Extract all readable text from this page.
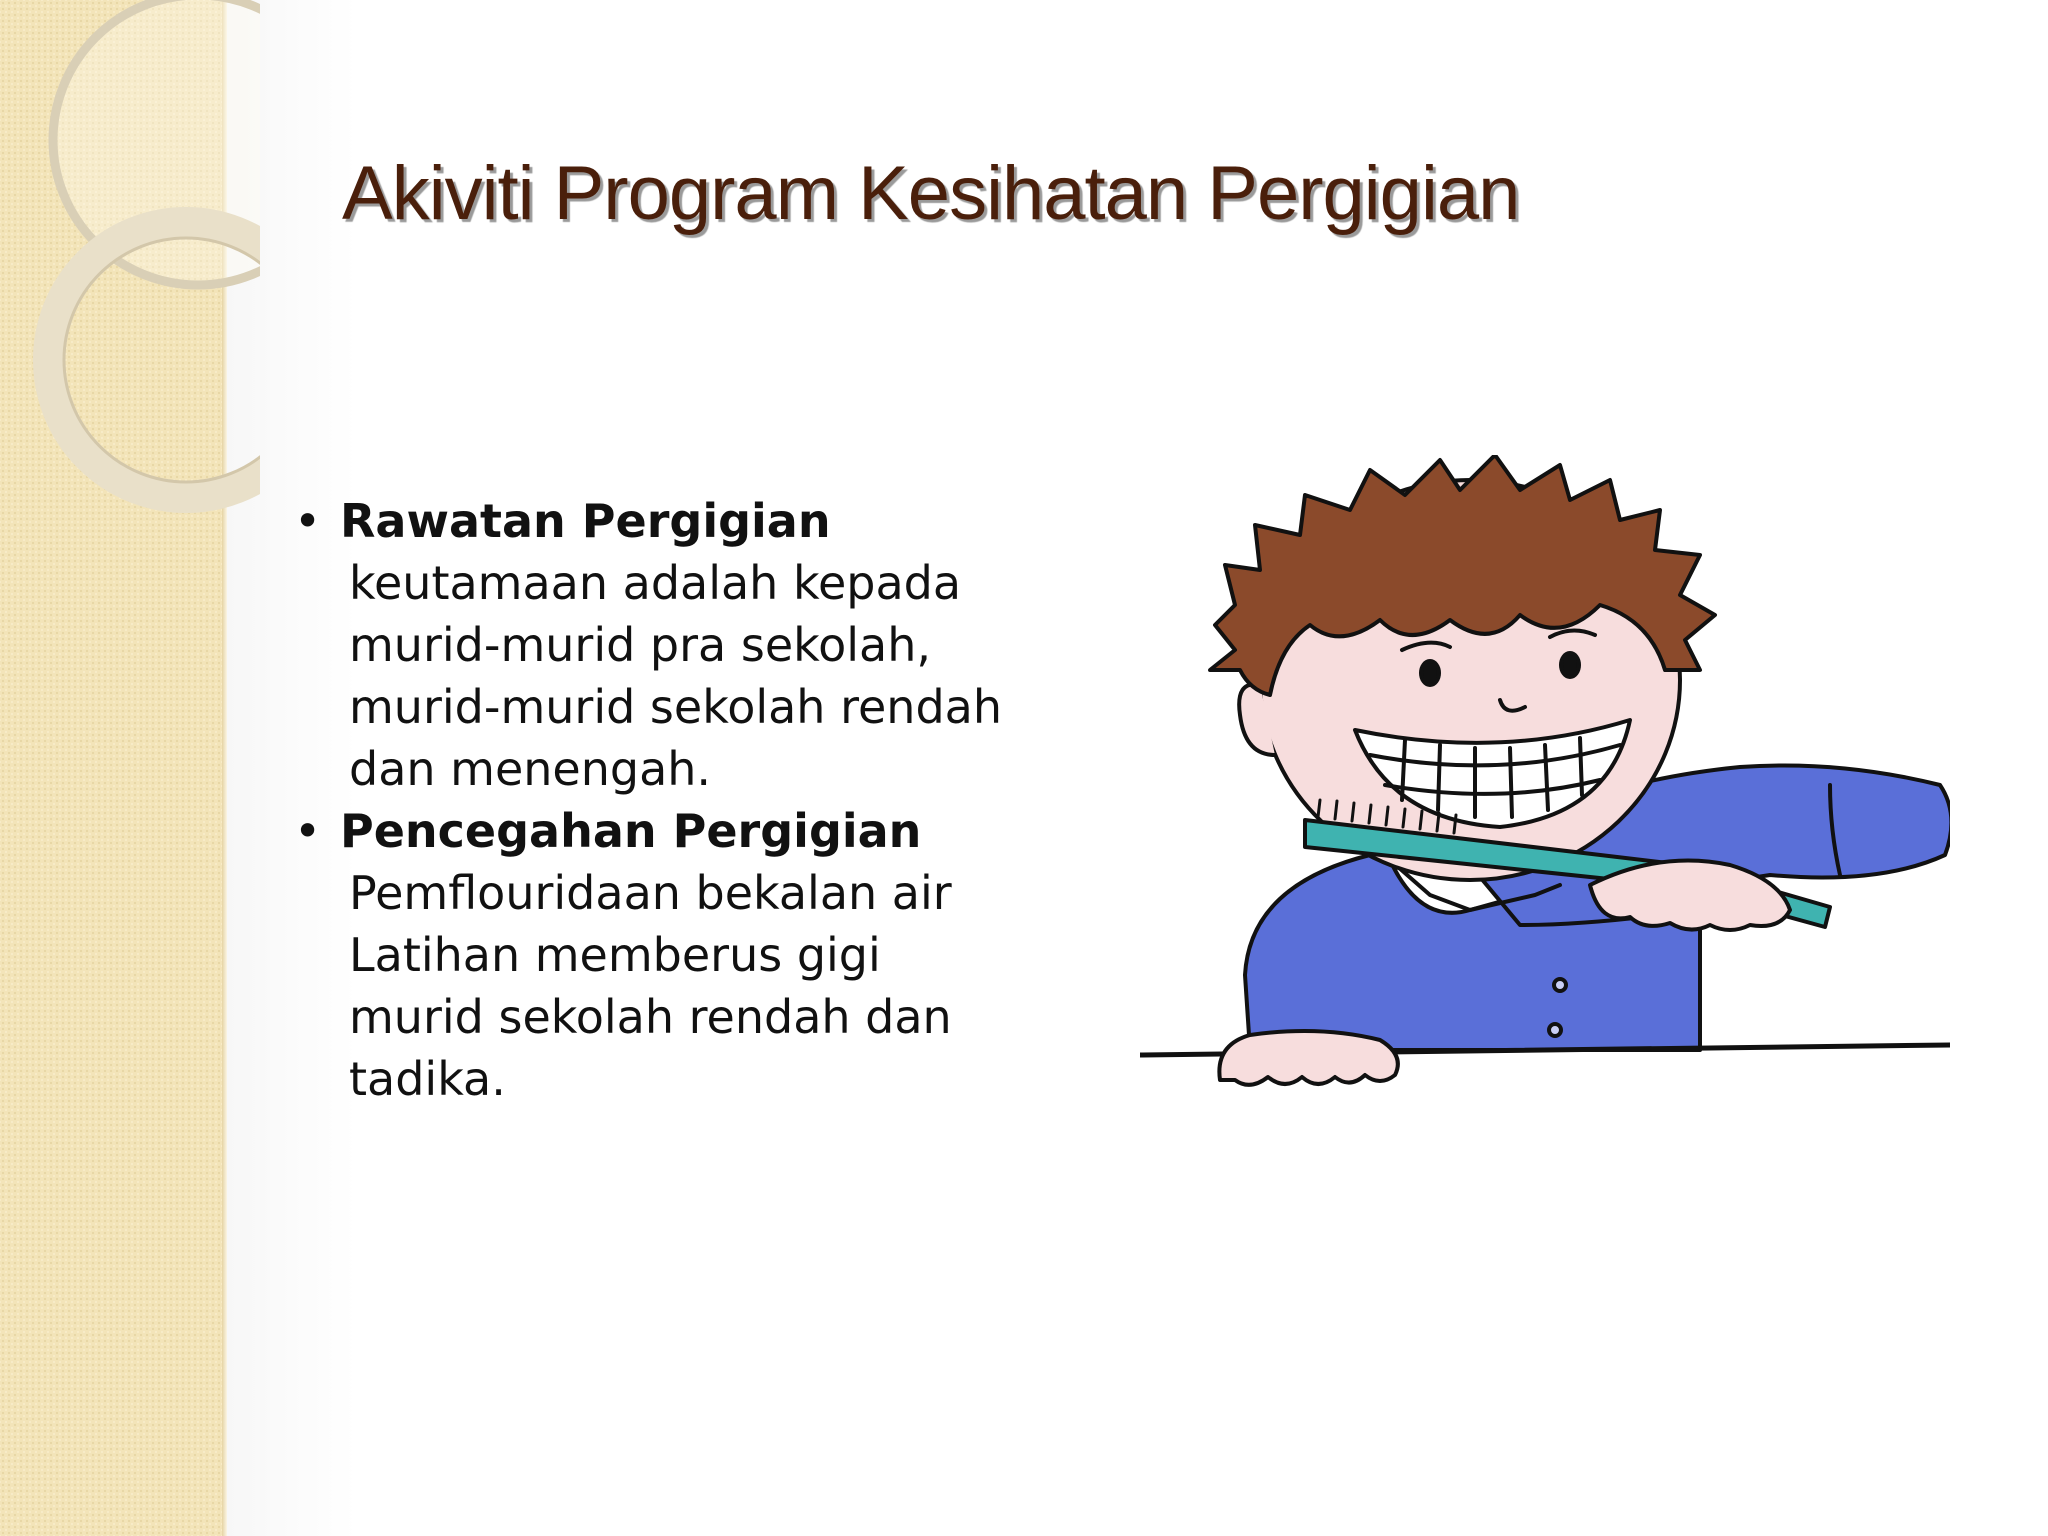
Akiviti Program Kesihatan Pergigian
• Rawatan Pergigian

keutamaan adalah kepada

murid-murid pra sekolah,

murid-murid sekolah rendah

dan menengah.

• Pencegahan Pergigian

Pemflouridaan bekalan air

Latihan memberus gigi

murid sekolah rendah dan

tadika.
